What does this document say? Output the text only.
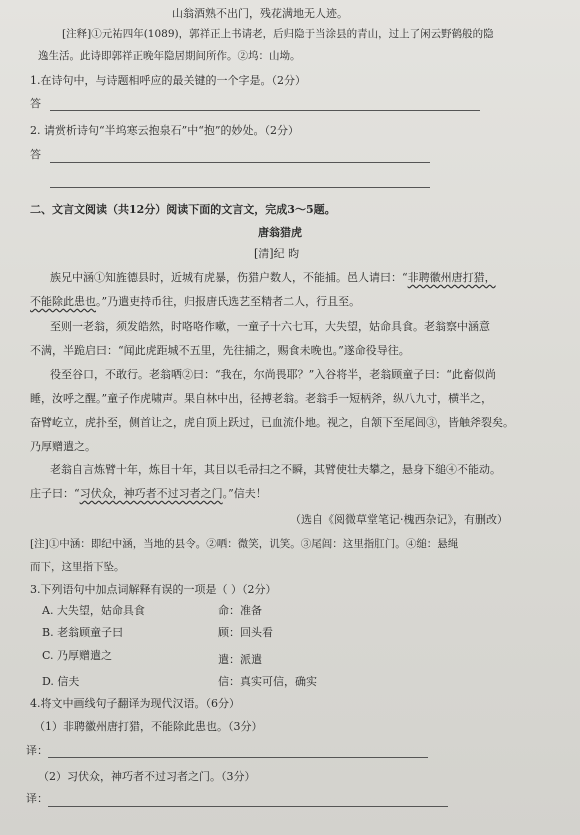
山翁酒熟不出门，残花满地无人迹。
[注释]①元祐四年(1089)，郭祥正上书请老，后归隐于当涂县的青山，过上了闲云野鹤般的隐
逸生活。此诗即郭祥正晚年隐居期间所作。②坞：山坳。
1.在诗句中，与诗题相呼应的最关键的一个字是。（2分）
答
2. 请赏析诗句“半坞寒云抱泉石”中“抱”的妙处。（2分）
答
二、文言文阅读（共12分）阅读下面的文言文，完成3～5题。
唐翁猎虎
[清]纪 昀
族兄中涵①知旌德县时，近城有虎暴，伤猎户数人，不能捕。邑人请曰：“非聘徽州唐打猎，
不能除此患也。”乃遣吏持币往，归报唐氏选艺至精者二人，行且至。
至则一老翁，须发皓然，时咯咯作嗽，一童子十六七耳，大失望，姑命具食。老翁察中涵意
不满，半跪启曰：“闻此虎距城不五里，先往捕之，赐食未晚也。”遂命役导往。
役至谷口，不敢行。老翁哂②曰：“我在，尔尚畏耶？”入谷将半，老翁顾童子曰：“此畜似尚
睡，汝呼之醒。”童子作虎啸声。果自林中出，径搏老翁。老翁手一短柄斧，纵八九寸，横半之，
奋臂屹立，虎扑至，侧首让之，虎自顶上跃过，已血流仆地。视之，自颔下至尾闾③，皆触斧裂矣。
乃厚赠遣之。
老翁自言炼臂十年，炼目十年，其目以毛帚扫之不瞬，其臂使壮夫攀之，悬身下缒④不能动。
庄子曰：“习伏众，神巧者不过习者之门。”信夫！
（选自《阅微草堂笔记·槐西杂记》，有删改）
[注]①中涵：即纪中涵，当地的县令。②哂：微笑，讥笑。③尾闾：这里指肛门。④缒：悬绳
而下，这里指下坠。
3.下列语句中加点词解释有误的一项是（ ）（2分）
A. 大失望，姑命具食	命：准备
B. 老翁顾童子曰	顾：回头看
C. 乃厚赠遣之	遣：派遣
D. 信夫	信：真实可信，确实
4.将文中画线句子翻译为现代汉语。（6分）
（1）非聘徽州唐打猎，不能除此患也。（3分）
译：
（2）习伏众，神巧者不过习者之门。（3分）
译：
